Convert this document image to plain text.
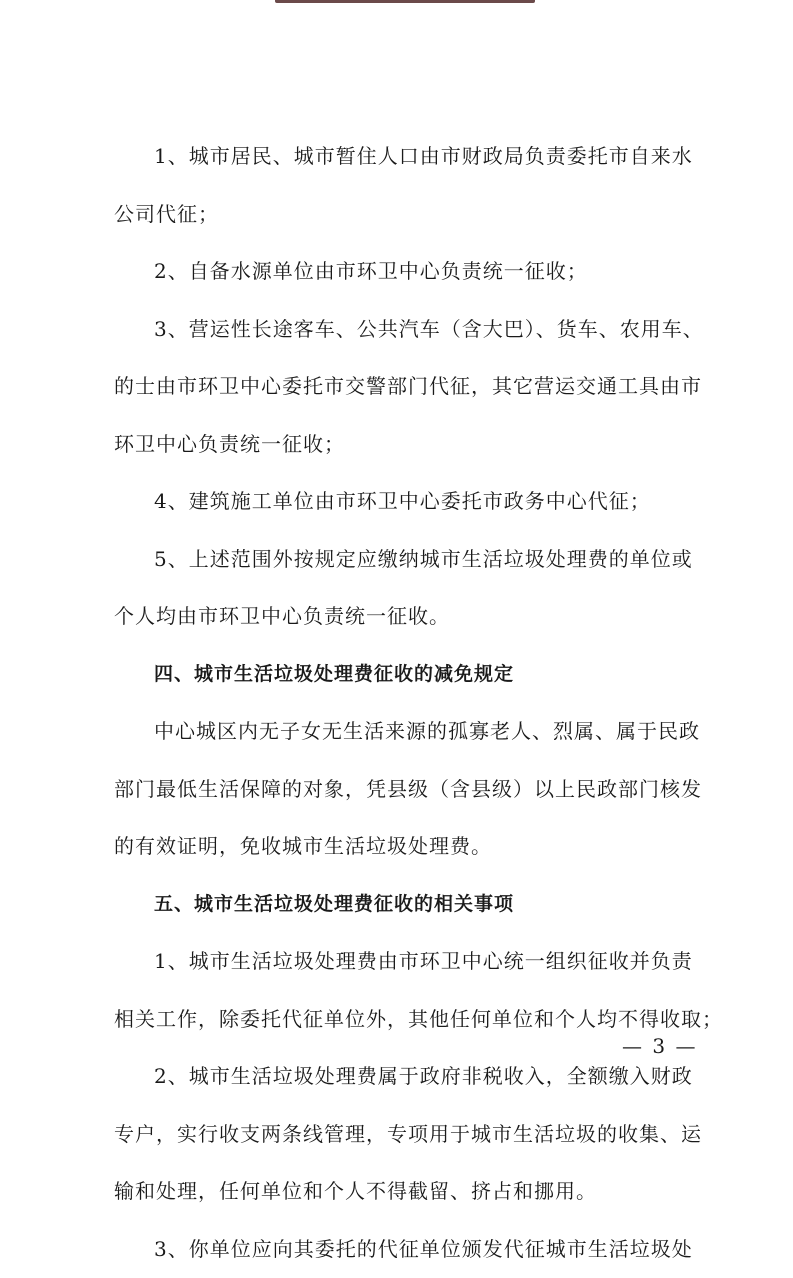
1、城市居民、城市暂住人口由市财政局负责委托市自来水
公司代征；
2、自备水源单位由市环卫中心负责统一征收；
3、营运性长途客车、公共汽车（含大巴）、货车、农用车、
的士由市环卫中心委托市交警部门代征，其它营运交通工具由市
环卫中心负责统一征收；
4、建筑施工单位由市环卫中心委托市政务中心代征；
5、上述范围外按规定应缴纳城市生活垃圾处理费的单位或
个人均由市环卫中心负责统一征收。
四、城市生活垃圾处理费征收的减免规定
中心城区内无子女无生活来源的孤寡老人、烈属、属于民政
部门最低生活保障的对象，凭县级（含县级）以上民政部门核发
的有效证明，免收城市生活垃圾处理费。
五、城市生活垃圾处理费征收的相关事项
1、城市生活垃圾处理费由市环卫中心统一组织征收并负责
相关工作，除委托代征单位外，其他任何单位和个人均不得收取；
2、城市生活垃圾处理费属于政府非税收入，全额缴入财政
专户，实行收支两条线管理，专项用于城市生活垃圾的收集、运
输和处理，任何单位和个人不得截留、挤占和挪用。
3、你单位应向其委托的代征单位颁发代征城市生活垃圾处
— 3 —
